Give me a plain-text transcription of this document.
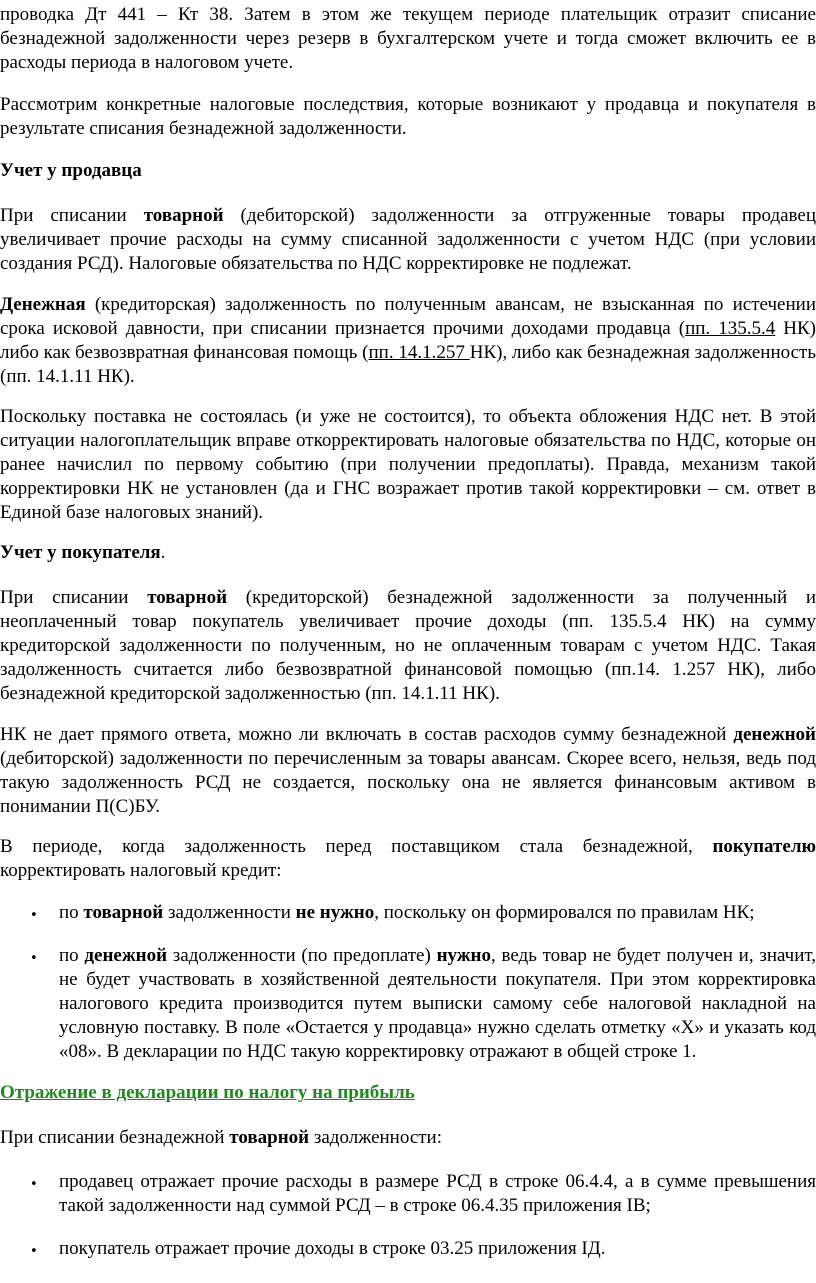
проводка Дт 441 – Кт 38. Затем в этом же текущем периоде плательщик отразит списание безнадежной задолженности через резерв в бухгалтерском учете и тогда сможет включить ее в расходы периода в налоговом учете.

Рассмотрим конкретные налоговые последствия, которые возникают у продавца и покупателя в результате списания безнадежной задолженности.

Учет у продавца

При списании товарной (дебиторской) задолженности за отгруженные товары продавец увеличивает прочие расходы на сумму списанной задолженности с учетом НДС (при условии создания РСД). Налоговые обязательства по НДС корректировке не подлежат.

Денежная (кредиторская) задолженность по полученным авансам, не взысканная по истечении срока исковой давности, при списании признается прочими доходами продавца (пп. 135.5.4 НК) либо как безвозвратная финансовая помощь (пп. 14.1.257 НК), либо как безнадежная задолженность (пп. 14.1.11 НК).

Поскольку поставка не состоялась (и уже не состоится), то объекта обложения НДС нет. В этой ситуации налогоплательщик вправе откорректировать налоговые обязательства по НДС, которые он ранее начислил по первому событию (при получении предоплаты). Правда, механизм такой корректировки НК не установлен (да и ГНС возражает против такой корректировки – см. ответ в Единой базе налоговых знаний).

Учет у покупателя.

При списании товарной (кредиторской) безнадежной задолженности за полученный и неоплаченный товар покупатель увеличивает прочие доходы (пп. 135.5.4 НК) на сумму кредиторской задолженности по полученным, но не оплаченным товарам с учетом НДС. Такая задолженность считается либо безвозвратной финансовой помощью (пп.14. 1.257 НК), либо безнадежной кредиторской задолженностью (пп. 14.1.11 НК).

НК не дает прямого ответа, можно ли включать в состав расходов сумму безнадежной денежной (дебиторской) задолженности по перечисленным за товары авансам. Скорее всего, нельзя, ведь под такую задолженность РСД не создается, поскольку она не является финансовым активом в понимании П(С)БУ.

В периоде, когда задолженность перед поставщиком стала безнадежной, покупателю корректировать налоговый кредит:

• по товарной задолженности не нужно, поскольку он формировался по правилам НК;

• по денежной задолженности (по предоплате) нужно, ведь товар не будет получен и, значит, не будет участвовать в хозяйственной деятельности покупателя. При этом корректировка налогового кредита производится путем выписки самому себе налоговой накладной на условную поставку. В поле «Остается у продавца» нужно сделать отметку «Х» и указать код «08». В декларации по НДС такую корректировку отражают в общей строке 1.

Отражение в декларации по налогу на прибыль

При списании безнадежной товарной задолженности:

• продавец отражает прочие расходы в размере РСД в строке 06.4.4, а в сумме превышения такой задолженности над суммой РСД – в строке 06.4.35 приложения ІВ;

• покупатель отражает прочие доходы в строке 03.25 приложения ІД.
